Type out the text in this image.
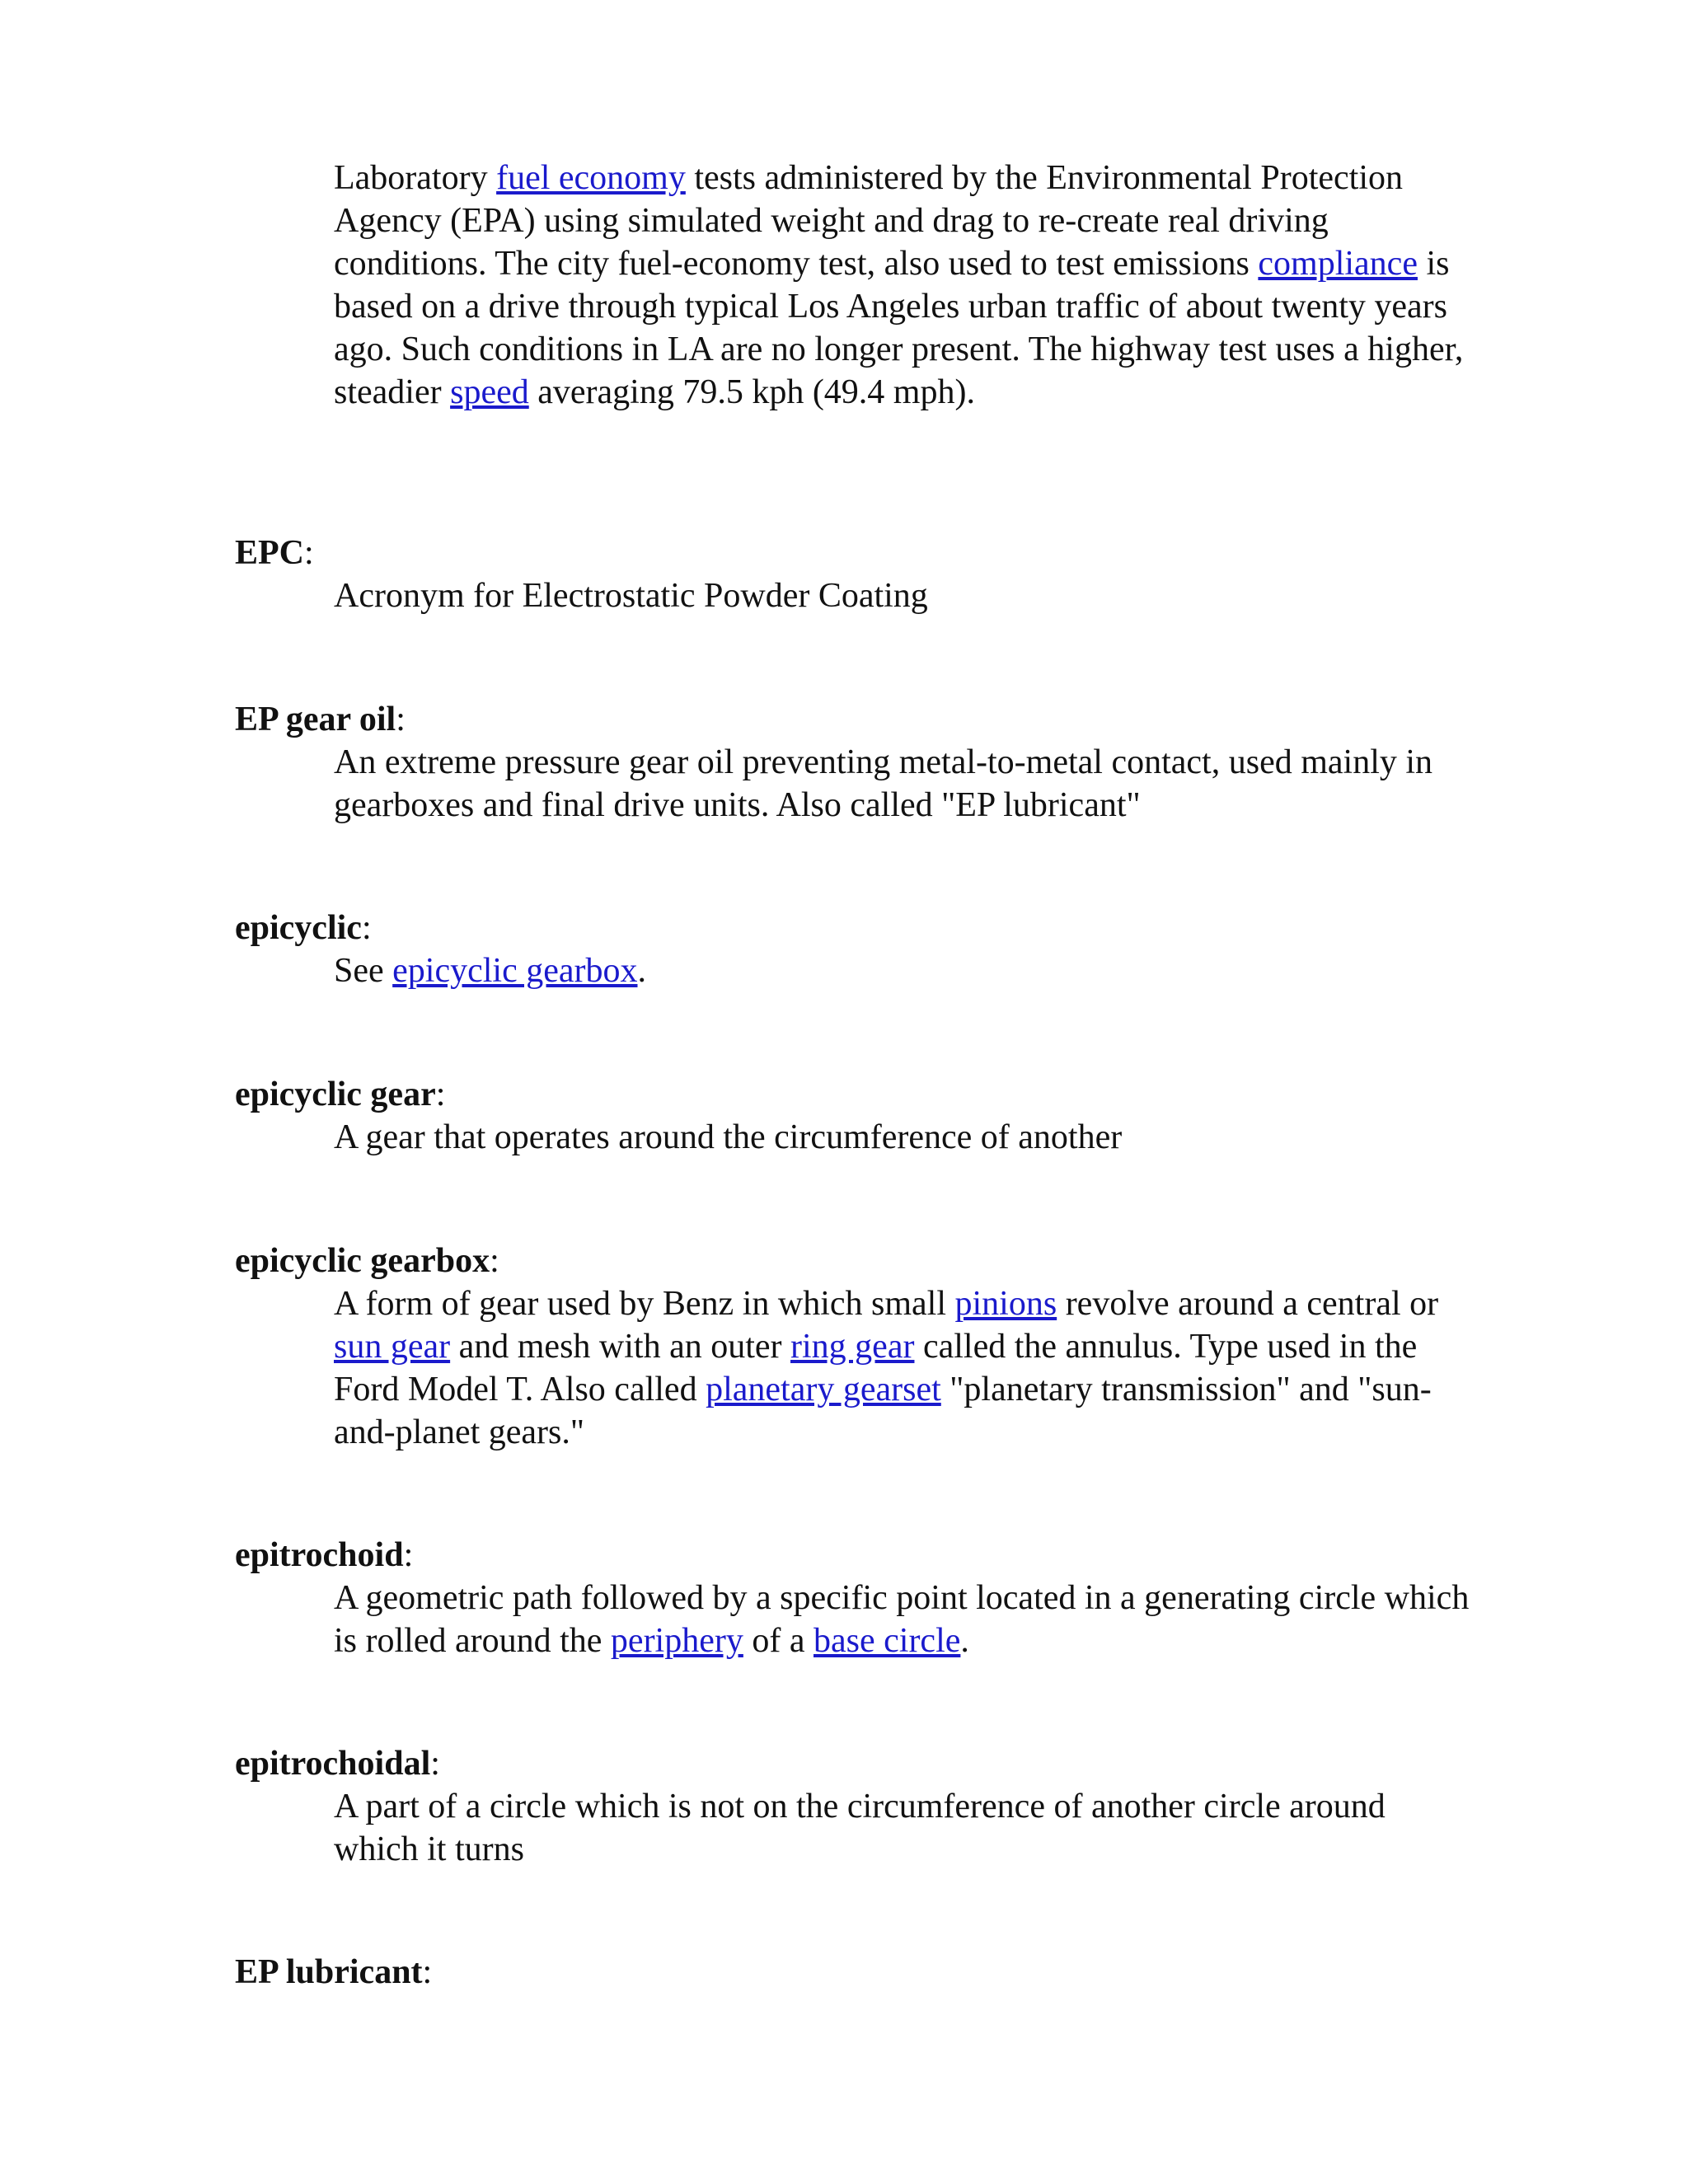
Laboratory fuel economy tests administered by the Environmental Protection Agency (EPA) using simulated weight and drag to re-create real driving conditions. The city fuel-economy test, also used to test emissions compliance is based on a drive through typical Los Angeles urban traffic of about twenty years ago. Such conditions in LA are no longer present. The highway test uses a higher, steadier speed averaging 79.5 kph (49.4 mph).

EPC:

Acronym for Electrostatic Powder Coating

EP gear oil:

An extreme pressure gear oil preventing metal-to-metal contact, used mainly in gearboxes and final drive units. Also called "EP lubricant"

epicyclic:

See epicyclic gearbox.

epicyclic gear:

A gear that operates around the circumference of another

epicyclic gearbox:

A form of gear used by Benz in which small pinions revolve around a central or sun gear and mesh with an outer ring gear called the annulus. Type used in the Ford Model T. Also called planetary gearset "planetary transmission" and "sun-and-planet gears."

epitrochoid:

A geometric path followed by a specific point located in a generating circle which is rolled around the periphery of a base circle.

epitrochoidal:

A part of a circle which is not on the circumference of another circle around which it turns

EP lubricant:
